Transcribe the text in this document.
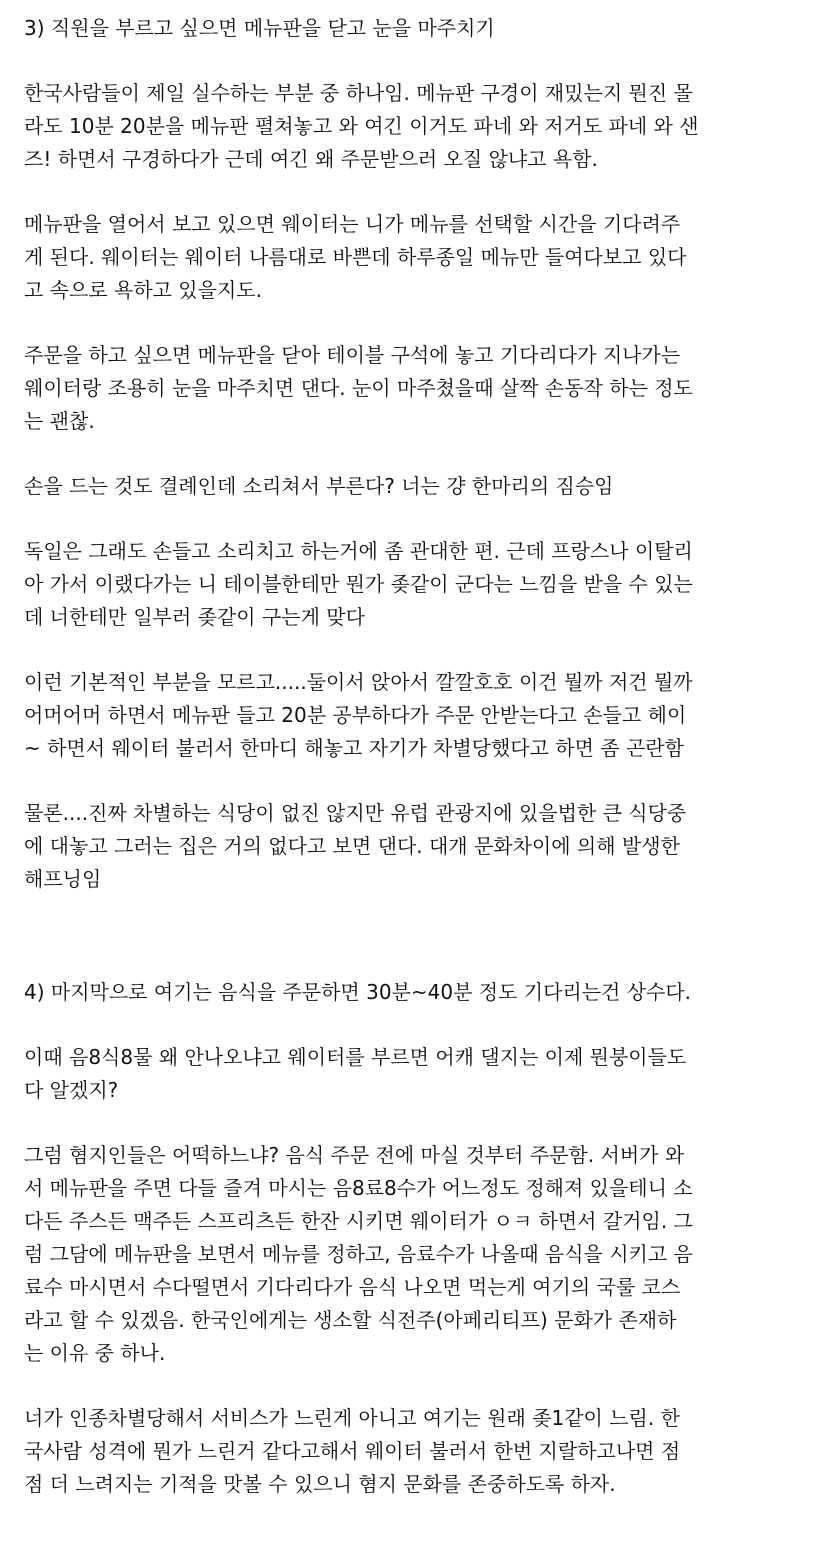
3) 직원을 부르고 싶으면 메뉴판을 닫고 눈을 마주치기

한국사람들이 제일 실수하는 부분 중 하나임. 메뉴판 구경이 재밌는지 뭔진 몰
라도 10분 20분을 메뉴판 펼쳐놓고 와 여긴 이거도 파네 와 저거도 파네 와 샌
즈! 하면서 구경하다가 근데 여긴 왜 주문받으러 오질 않냐고 욕함.

메뉴판을 열어서 보고 있으면 웨이터는 니가 메뉴를 선택할 시간을 기다려주
게 된다. 웨이터는 웨이터 나름대로 바쁜데 하루종일 메뉴만 들여다보고 있다
고 속으로 욕하고 있을지도.

주문을 하고 싶으면 메뉴판을 닫아 테이블 구석에 놓고 기다리다가 지나가는
웨이터랑 조용히 눈을 마주치면 댄다. 눈이 마주쳤을때 살짝 손동작 하는 정도
는 괜찮.

손을 드는 것도 결례인데 소리쳐서 부른다? 너는 걍 한마리의 짐승임

독일은 그래도 손들고 소리치고 하는거에 좀 관대한 편. 근데 프랑스나 이탈리
아 가서 이랬다가는 니 테이블한테만 뭔가 좆같이 군다는 느낌을 받을 수 있는
데 너한테만 일부러 좆같이 구는게 맞다

이런 기본적인 부분을 모르고.....둘이서 앉아서 깔깔호호 이건 뭘까 저건 뭘까
어머어머 하면서 메뉴판 들고 20분 공부하다가 주문 안받는다고 손들고 헤이
~ 하면서 웨이터 불러서 한마디 해놓고 자기가 차별당했다고 하면 좀 곤란함

물론....진짜 차별하는 식당이 없진 않지만 유럽 관광지에 있을법한 큰 식당중
에 대놓고 그러는 집은 거의 없다고 보면 댄다. 대개 문화차이에 의해 발생한
해프닝임

4) 마지막으로 여기는 음식을 주문하면 30분~40분 정도 기다리는건 상수다.

이때 음8식8물 왜 안나오냐고 웨이터를 부르면 어캐 댈지는 이제 뭔붕이들도
다 알겠지?

그럼 혐지인들은 어떡하느냐? 음식 주문 전에 마실 것부터 주문함. 서버가 와
서 메뉴판을 주면 다들 즐겨 마시는 음8료8수가 어느정도 정해져 있을테니 소
다든 주스든 맥주든 스프리츠든 한잔 시키면 웨이터가 ㅇㅋ 하면서 갈거임. 그
럼 그담에 메뉴판을 보면서 메뉴를 정하고, 음료수가 나올때 음식을 시키고 음
료수 마시면서 수다떨면서 기다리다가 음식 나오면 먹는게 여기의 국룰 코스
라고 할 수 있겠음. 한국인에게는 생소할 식전주(아페리티프) 문화가 존재하
는 이유 중 하나.

너가 인종차별당해서 서비스가 느린게 아니고 여기는 원래 좆1같이 느림. 한
국사람 성격에 뭔가 느린거 같다고해서 웨이터 불러서 한번 지랄하고나면 점
점 더 느려지는 기적을 맛볼 수 있으니 혐지 문화를 존중하도록 하자.
